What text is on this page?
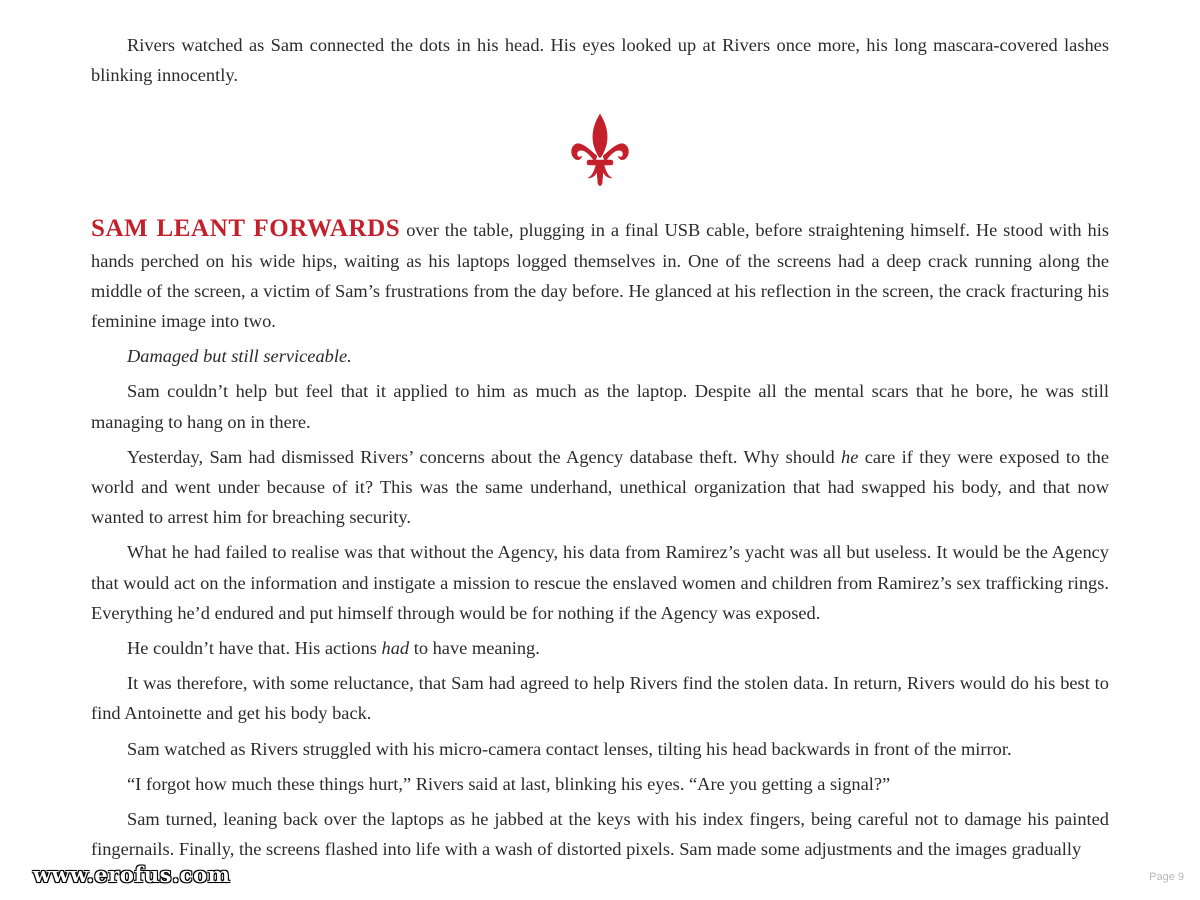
Rivers watched as Sam connected the dots in his head. His eyes looked up at Rivers once more, his long mascara-covered lashes blinking innocently.

SAM LEANT FORWARDS over the table, plugging in a final USB cable, before straightening himself. He stood with his hands perched on his wide hips, waiting as his laptops logged themselves in. One of the screens had a deep crack running along the middle of the screen, a victim of Sam’s frustrations from the day before. He glanced at his reflection in the screen, the crack fracturing his feminine image into two.

Damaged but still serviceable.

Sam couldn’t help but feel that it applied to him as much as the laptop. Despite all the mental scars that he bore, he was still managing to hang on in there.

Yesterday, Sam had dismissed Rivers’ concerns about the Agency database theft. Why should he care if they were exposed to the world and went under because of it? This was the same underhand, unethical organization that had swapped his body, and that now wanted to arrest him for breaching security.

What he had failed to realise was that without the Agency, his data from Ramirez’s yacht was all but useless. It would be the Agency that would act on the information and instigate a mission to rescue the enslaved women and children from Ramirez’s sex trafficking rings. Everything he’d endured and put himself through would be for nothing if the Agency was exposed.

He couldn’t have that. His actions had to have meaning.

It was therefore, with some reluctance, that Sam had agreed to help Rivers find the stolen data. In return, Rivers would do his best to find Antoinette and get his body back.

Sam watched as Rivers struggled with his micro-camera contact lenses, tilting his head backwards in front of the mirror.

“I forgot how much these things hurt,” Rivers said at last, blinking his eyes. “Are you getting a signal?”

Sam turned, leaning back over the laptops as he jabbed at the keys with his index fingers, being careful not to damage his painted fingernails. Finally, the screens flashed into life with a wash of distorted pixels. Sam made some adjustments and the images gradually

www.erofus.com	Page 9
